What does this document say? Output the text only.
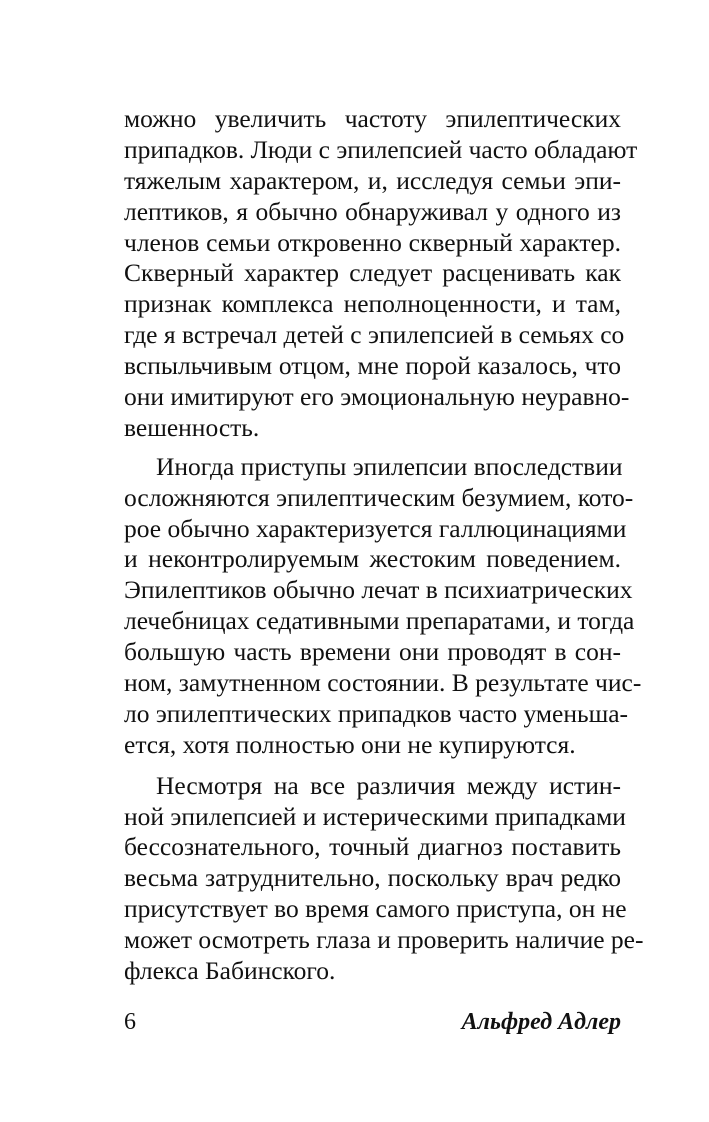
можно увеличить частоту эпилептических
припадков. Люди с эпилепсией часто обладают
тяжелым характером, и, исследуя семьи эпи-
лептиков, я обычно обнаруживал у одного из
членов семьи откровенно скверный характер.
Скверный характер следует расценивать как
признак комплекса неполноценности, и там,
где я встречал детей с эпилепсией в семьях со
вспыльчивым отцом, мне порой казалось, что
они имитируют его эмоциональную неуравно-
вешенность.
Иногда приступы эпилепсии впоследствии
осложняются эпилептическим безумием, кото-
рое обычно характеризуется галлюцинациями
и неконтролируемым жестоким поведением.
Эпилептиков обычно лечат в психиатрических
лечебницах седативными препаратами, и тогда
большую часть времени они проводят в сон-
ном, замутненном состоянии. В результате чис-
ло эпилептических припадков часто уменьша-
ется, хотя полностью они не купируются.
Несмотря на все различия между истин-
ной эпилепсией и истерическими припадками
бессознательного, точный диагноз поставить
весьма затруднительно, поскольку врач редко
присутствует во время самого приступа, он не
может осмотреть глаза и проверить наличие ре-
флекса Бабинского.
6	Альфред Адлер
